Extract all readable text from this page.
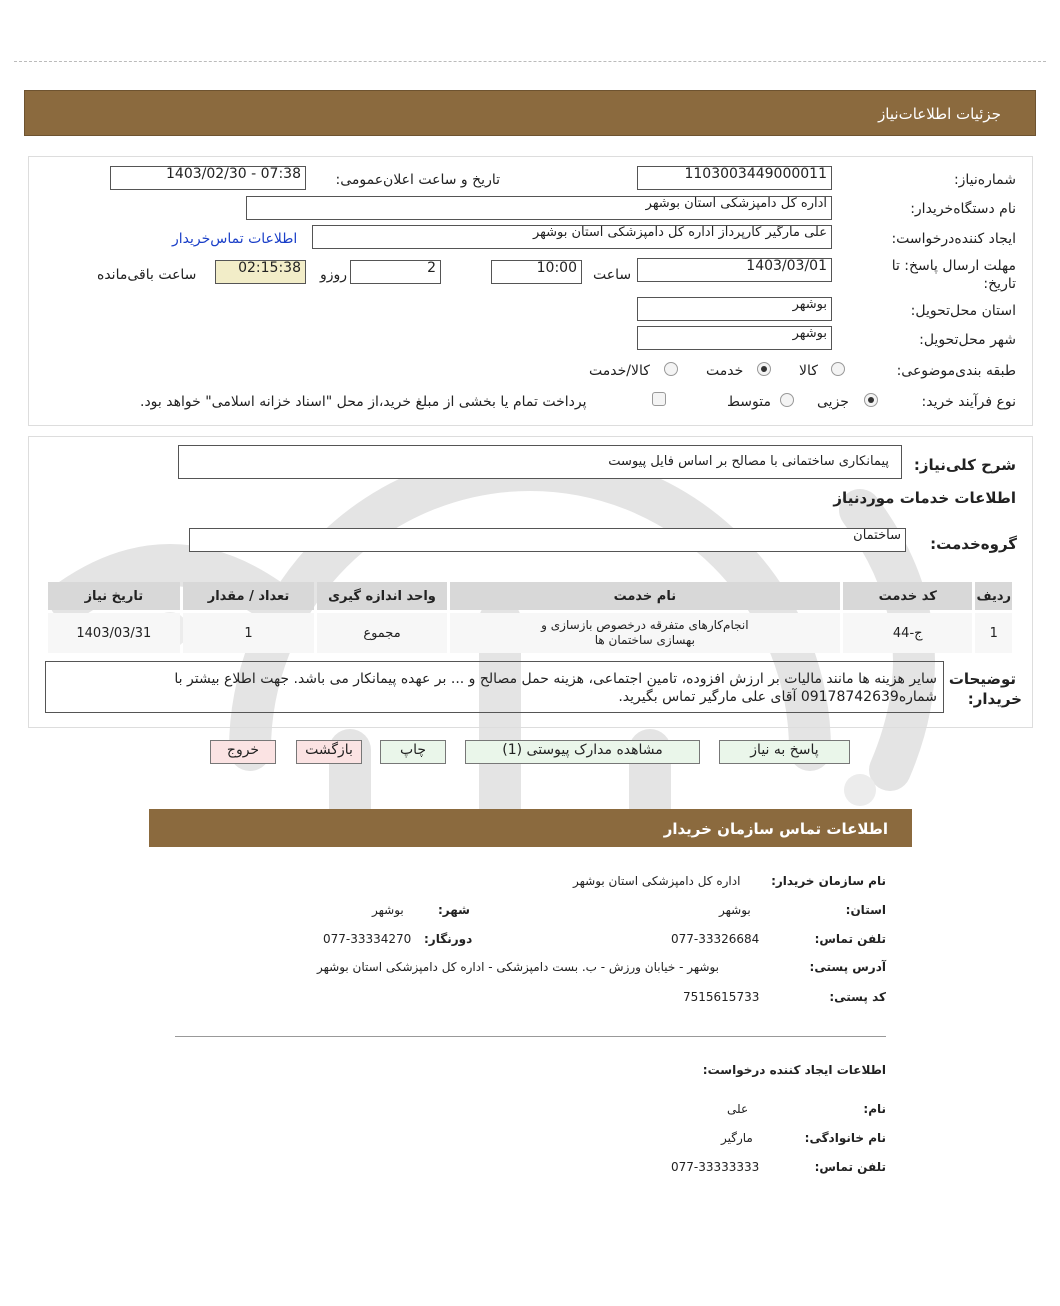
جزئیات اطلاعات‌نیاز
شماره‌نیاز:
1103003449000011
تاریخ و ساعت اعلان‌عمومی:
1403/02/30 - 07:38
نام دستگاه‌خریدار:
اداره کل دامپزشکی استان بوشهر
ایجاد کننده‌درخواست:
علی مارگیر کارپرداز اداره کل دامپزشکی استان بوشهر
اطلاعات تماس‌خریدار
مهلت ارسال پاسخ: تا
تاریخ:
1403/03/01
ساعت
10:00
2
روزو
02:15:38
ساعت باقی‌مانده
استان محل‌تحویل:
بوشهر
شهر محل‌تحویل:
بوشهر
طبقه بندی‌موضوعی:
کالا
خدمت
کالا/خدمت
نوع فرآیند خرید:
جزیی
متوسط
پرداخت تمام یا بخشی از مبلغ خرید،از محل "اسناد خزانه اسلامی" خواهد بود.
شرح کلی‌نیاز:
پیمانکاری ساختمانی با مصالح بر اساس فایل پیوست
اطلاعات خدمات موردنیاز
گروه‌خدمت:
ساختمان
ردیف	کد خدمت	نام خدمت	واحد اندازه گیری	تعداد / مقدار	تاریخ نیاز
1	ج-44	انجام‌کارهای متفرقه درخصوص بازسازی و
بهسازی ساختمان ها	مجموع	1	1403/03/31
توضیحات
خریدار:
سایر هزینه ها مانند مالیات بر ارزش افزوده، تامین اجتماعی، هزینه حمل مصالح و ... بر عهده پیمانکار می باشد. جهت اطلاع بیشتر با
شماره09178742639 آقای علی مارگیر تماس بگیرید.
پاسخ به نیاز
مشاهده مدارک پیوستی (1)
چاپ
بازگشت
خروج
اطلاعات تماس سازمان خریدار
نام سازمان خریدار:
اداره کل دامپزشکی استان بوشهر
استان:
بوشهر
شهر:
بوشهر
تلفن تماس:
077-33326684
دورنگار:
077-33334270
آدرس پستی:
بوشهر - خیابان ورزش - ب. بست دامپزشکی - اداره کل دامپزشکی استان بوشهر
کد پستی:
7515615733
اطلاعات ایجاد کننده درخواست:
نام:
علی
نام خانوادگی:
مارگیر
تلفن تماس:
077-33333333
